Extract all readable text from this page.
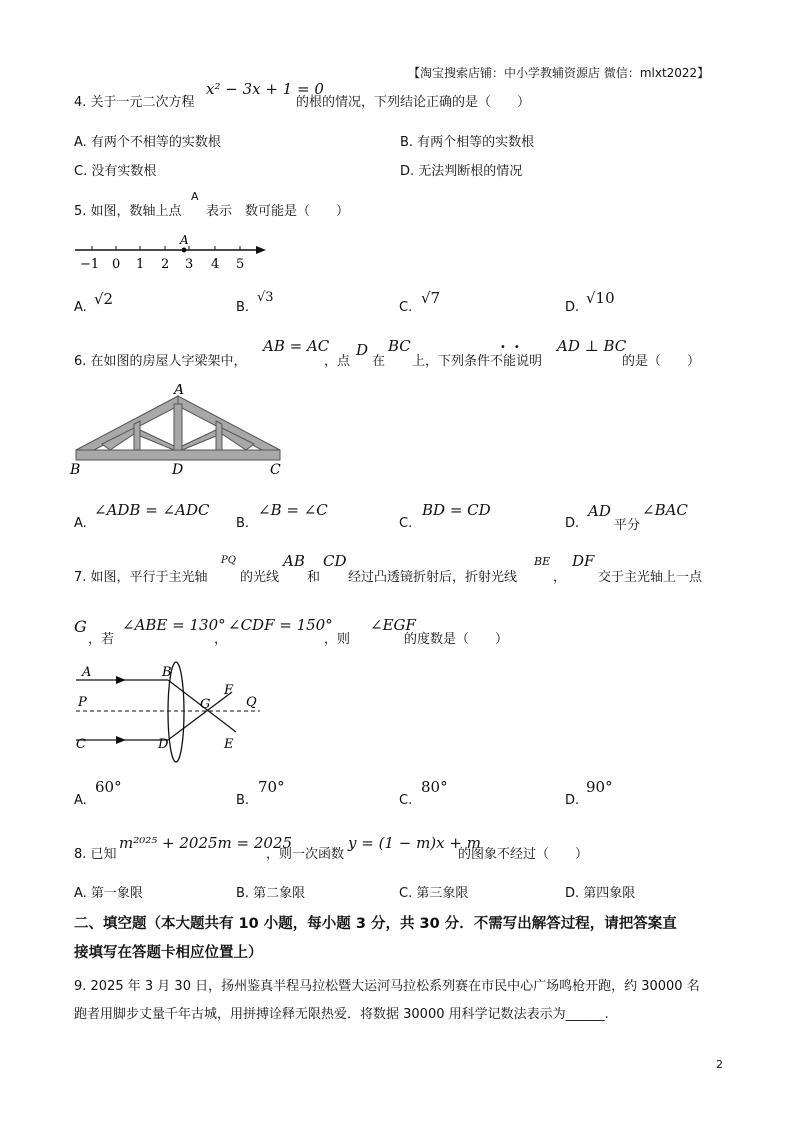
【淘宝搜索店铺：中小学教辅资源店 微信：mlxt2022】
4. 关于一元二次方程
x² − 3x + 1 = 0
的根的情况，下列结论正确的是（　　）
A. 有两个不相等的实数根	B. 有两个相等的实数根
C. 没有实数根	D. 无法判断根的情况
5. 如图，数轴上点
A
表示　数可能是（　　）
−1 0 1 2 3 4 5
A
A. √2	B.
√3
C.
√7
D.
√10
6. 在如图的房屋人字梁架中，
AB = AC
，点
D
在
BC
上，下列条件不能说明
•• AD ⊥ BC
的是（　　）
A
B	D	C
A.
∠ADB = ∠ADC
B.
∠B = ∠C
C.
BD = CD
D.
AD
平分
∠BAC
7. 如图，平行于主光轴
PQ
的光线
AB
和
CD
经过凸透镜折射后，折射光线
BE
，
DF
交于主光轴上一点
G
，若
∠ABE = 130°
，
∠CDF = 150°
，则
∠EGF
的度数是（　　）
A	B
P	G
F
Q
C	D	E
A.
60°
B.
70°
C.
80°
D.
90°
8. 已知
m²⁰²⁵ + 2025m = 2025
，则一次函数
y = (1 − m)x + m
的图象不经过（　　）
A. 第一象限	B. 第二象限	C. 第三象限	D. 第四象限
二、填空题（本大题共有 10 小题，每小题 3 分，共 30 分．不需写出解答过程，请把答案直
接填写在答题卡相应位置上）
9. 2025 年 3 月 30 日，扬州鉴真半程马拉松暨大运河马拉松系列赛在市民中心广场鸣枪开跑，约 30000 名
跑者用脚步丈量千年古城，用拼搏诠释无限热爱．将数据 30000 用科学记数法表示为______.
2
